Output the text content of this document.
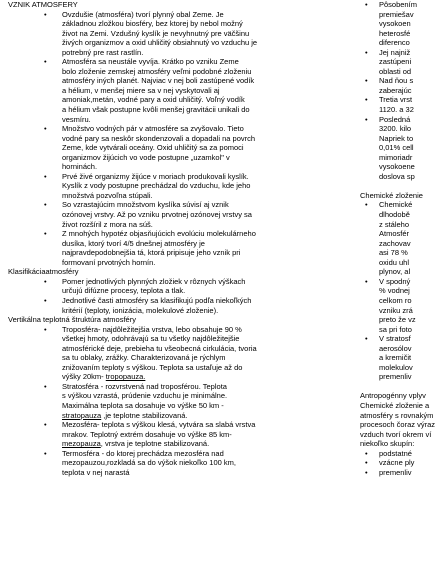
VZNIK ATMOSFERY
• Ovzdušie (atmosféra) tvorí plynný obal Zeme. Je
základnou zložkou biosféry, bez ktorej by nebol možný
život na Zemi. Vzdušný kyslík je nevyhnutný pre väčšinu
živých organizmov a oxid uhličitý obsiahnutý vo vzduchu je
potrebný pre rast rastlín.
• Atmosféra sa neustále vyvíja. Krátko po vzniku Zeme
bolo zloženie zemskej atmosféry veľmi podobné zloženiu
atmosféry iných planét. Najviac v nej boli zastúpené vodík
a hélium, v menšej miere sa v nej vyskytovali aj
amoniak,metán, vodné pary a oxid uhličitý. Voľný vodík
a hélium však postupne kvôli menšej gravitácii unikali do
vesmíru.
• Množstvo vodných pár v atmosfére sa zvyšovalo. Tieto
vodné pary sa neskôr skondenzovali a dopadali na povrch
Zeme, kde vytvárali oceány. Oxid uhličitý sa za pomoci
organizmov žijúcich vo vode postupne „uzamkol" v
horninách.
• Prvé živé organizmy žijúce v moriach produkovali kyslík.
Kyslík z vody postupne prechádzal do vzduchu, kde jeho
množstvá pozvoľna stúpali.
• So vzrastajúcim množstvom kyslíka súvisí aj vznik
ozónovej vrstvy. Až po vzniku prvotnej ozónovej vrstvy sa
život rozšíril z mora na súš.
• Z mnohých hypotéz objasňujúcich evolúciu molekulárneho
dusíka, ktorý tvorí 4/5 dnešnej atmosféry je
najpravdepodobnejšia tá, ktorá pripisuje jeho vznik pri
formovaní prvotných hornín.
Klasifikáciaatmosféry
• Pomer jednotlivých plynných zložiek v rôznych výškach
určujú difúzne procesy, teplota a tlak.
• Jednotlivé časti atmosféry sa klasifikujú podľa niekoľkých
kritérií (teploty, ionizácia, molekulové zloženie).
Vertikálna teplotná štruktúra atmosféry
• Troposféra- najdôležitejšia vrstva, lebo obsahuje 90 %
všetkej hmoty, odohrávajú sa tu všetky najdôležitejšie
atmosférické deje, prebieha tu všeobecná cirkulácia, tvoria
sa tu oblaky, zrážky. Charakterizovaná je rýchlym
znižovaním teploty s výškou. Teplota sa ustaľuje až do
výšky 20km- tropopauza.
• Stratosféra - rozvrstvená nad troposférou. Teplota
s výškou vzrastá, prúdenie vzduchu je minimálne.
Maximálna teplota sa dosahuje vo výške 50 km -
stratopauza ,je teplotne stabilizovaná.
• Mezosféra- teplota s výškou klesá, vytvára sa slabá vrstva
mrakov. Teplotný extrém dosahuje vo výške 85 km-
mezopauza, vrstva je teplotne stabilizovaná.
• Termosféra - do ktorej prechádza mezosféra nad
mezopauzou,rozkladá sa do výšok niekoľko 100 km,
teplota v nej narastá
• Pôsobením
premiešav
vysokoen
heterosfé
diferenco
• Jej najniž
zastúpeni
oblasti od
• Nad ňou s
zaberajúc
• Tretia vrst
1120. a 32
• Posledná
3200. kilo
Napriek to
0,01% cell
mimoriadr
vysokoene
doslova sp
Chemické zloženie
• Chemické
dlhodobě
z stáleho
Atmosfér
zachovav
asi 78 %
oxidu uhl
plynov, al
• V spodný
% vodnej
celkom ro
vzniku zrá
preto že vz
sa pri foto
• V stratosf
aerosólov
a kremičit
molekulov
premenliv
Antropogénny vplyv
Chemické zloženie a
atmosféry s rovnakým
procesoch čoraz výraz
vzduch tvorí okrem ví
niekoľko skupín:
• podstatné
• vzácne ply
• premenliv
